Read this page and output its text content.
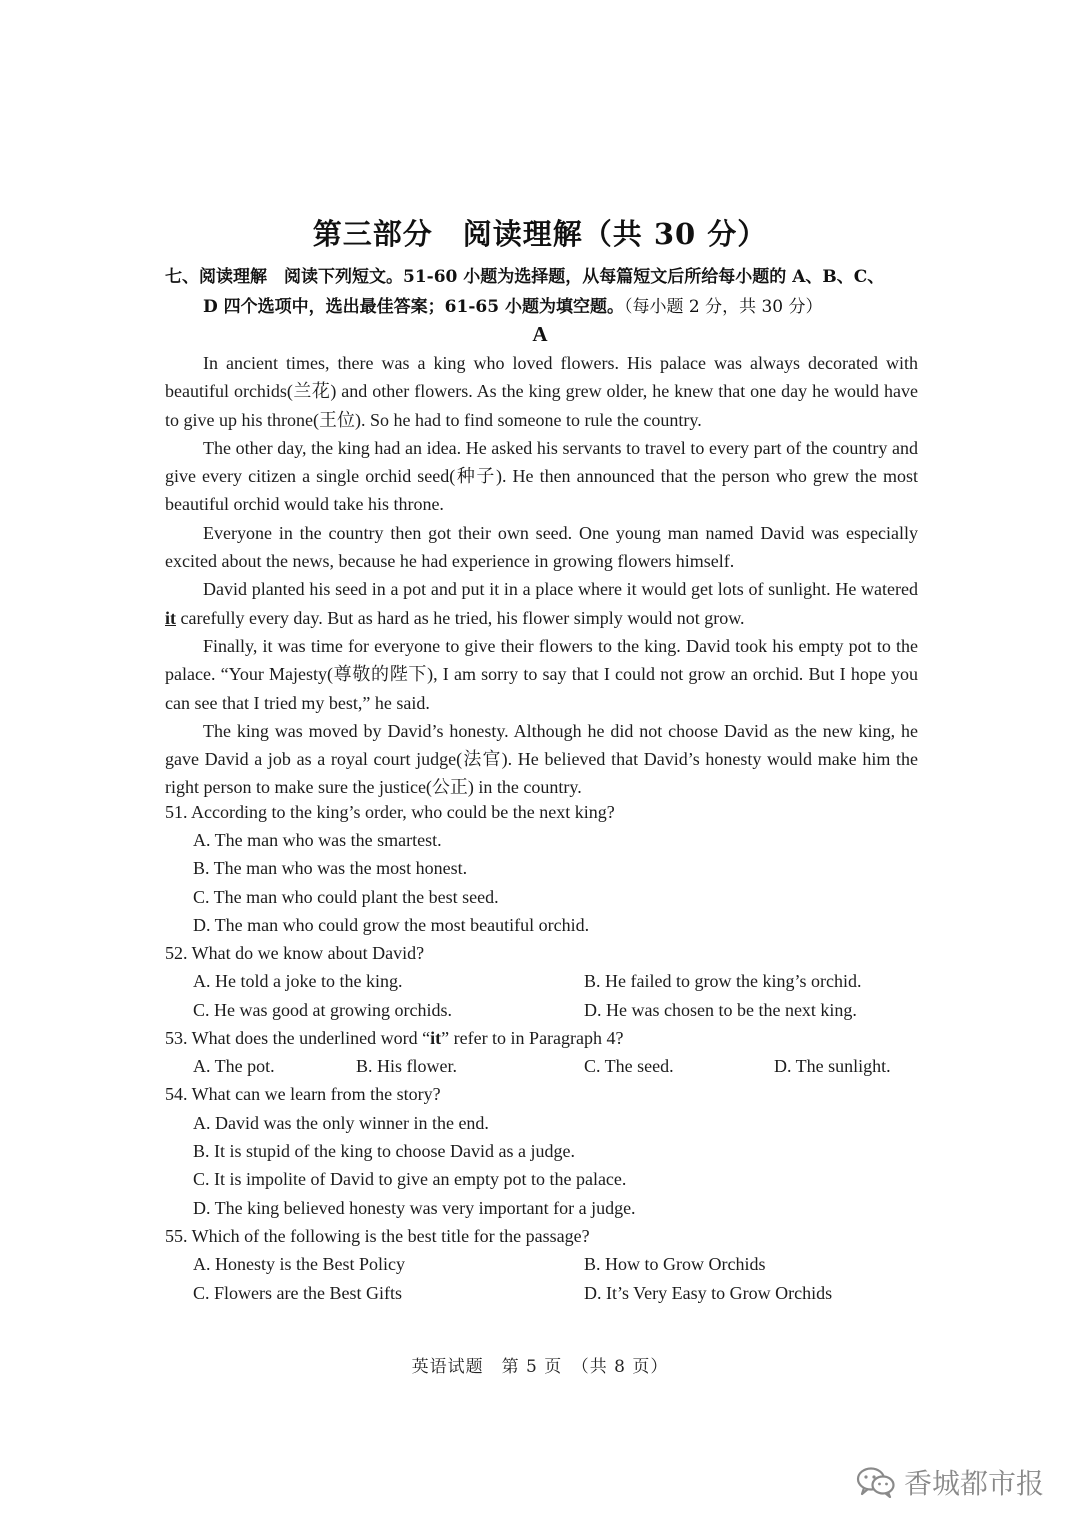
第三部分　阅读理解（共 30 分）
七、阅读理解　阅读下列短文。51-60 小题为选择题，从每篇短文后所给每小题的 A、B、C、
D 四个选项中，选出最佳答案；61-65 小题为填空题。（每小题 2 分，共 30 分）
A

In ancient times, there was a king who loved flowers. His palace was always decorated with beautiful orchids(兰花) and other flowers. As the king grew older, he knew that one day he would have to give up his throne(王位). So he had to find someone to rule the country.

The other day, the king had an idea. He asked his servants to travel to every part of the country and give every citizen a single orchid seed(种子). He then announced that the person who grew the most beautiful orchid would take his throne.

Everyone in the country then got their own seed. One young man named David was especially excited about the news, because he had experience in growing flowers himself.

David planted his seed in a pot and put it in a place where it would get lots of sunlight. He watered it carefully every day. But as hard as he tried, his flower simply would not grow.

Finally, it was time for everyone to give their flowers to the king. David took his empty pot to the palace. “Your Majesty(尊敬的陛下), I am sorry to say that I could not grow an orchid. But I hope you can see that I tried my best,” he said.

The king was moved by David’s honesty. Although he did not choose David as the new king, he gave David a job as a royal court judge(法官). He believed that David’s honesty would make him the right person to make sure the justice(公正) in the country.

51. According to the king’s order, who could be the next king?
A. The man who was the smartest.
B. The man who was the most honest.
C. The man who could plant the best seed.
D. The man who could grow the most beautiful orchid.
52. What do we know about David?
A. He told a joke to the king.	B. He failed to grow the king’s orchid.
C. He was good at growing orchids.	D. He was chosen to be the next king.
53. What does the underlined word “it” refer to in Paragraph 4?
A. The pot.	B. His flower.	C. The seed.	D. The sunlight.
54. What can we learn from the story?
A. David was the only winner in the end.
B. It is stupid of the king to choose David as a judge.
C. It is impolite of David to give an empty pot to the palace.
D. The king believed honesty was very important for a judge.
55. Which of the following is the best title for the passage?
A. Honesty is the Best Policy	B. How to Grow Orchids
C. Flowers are the Best Gifts	D. It’s Very Easy to Grow Orchids
英语试题　第 5 页　（共 8 页）
香城都市报
